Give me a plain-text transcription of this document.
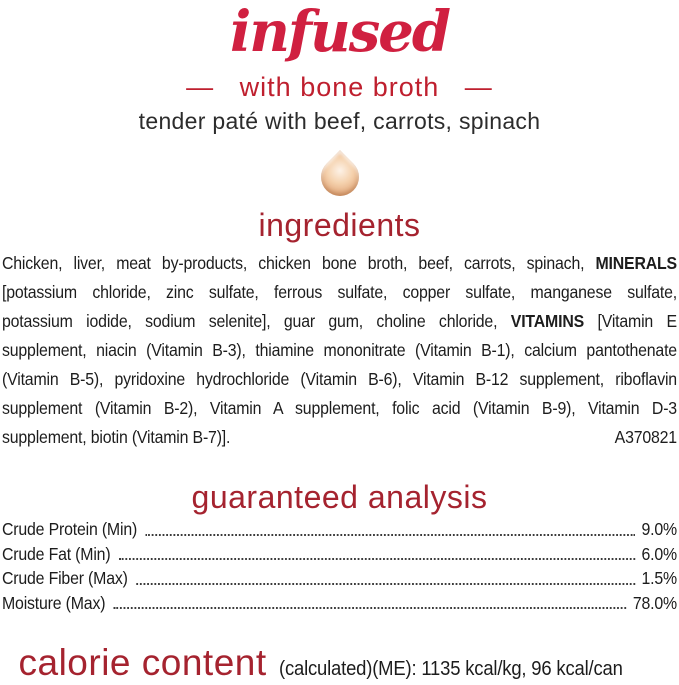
infused
—   with bone broth   —
tender paté with beef, carrots, spinach
ingredients
Chicken, liver, meat by-products, chicken bone broth, beef, carrots, spinach, MINERALS
[potassium chloride, zinc sulfate, ferrous sulfate, copper sulfate, manganese sulfate,
potassium iodide, sodium selenite], guar gum, choline chloride, VITAMINS [Vitamin E
supplement, niacin (Vitamin B-3), thiamine mononitrate (Vitamin B-1), calcium pantothenate
(Vitamin B-5), pyridoxine hydrochloride (Vitamin B-6), Vitamin B-12 supplement, riboflavin
supplement (Vitamin B-2), Vitamin A supplement, folic acid (Vitamin B-9), Vitamin D-3
supplement, biotin (Vitamin B-7)].	A370821
guaranteed analysis
Crude Protein (Min)	9.0%
Crude Fat (Min)	6.0%
Crude Fiber (Max)	1.5%
Moisture (Max)	78.0%
calorie content (calculated)(ME): 1135 kcal/kg, 96 kcal/can
